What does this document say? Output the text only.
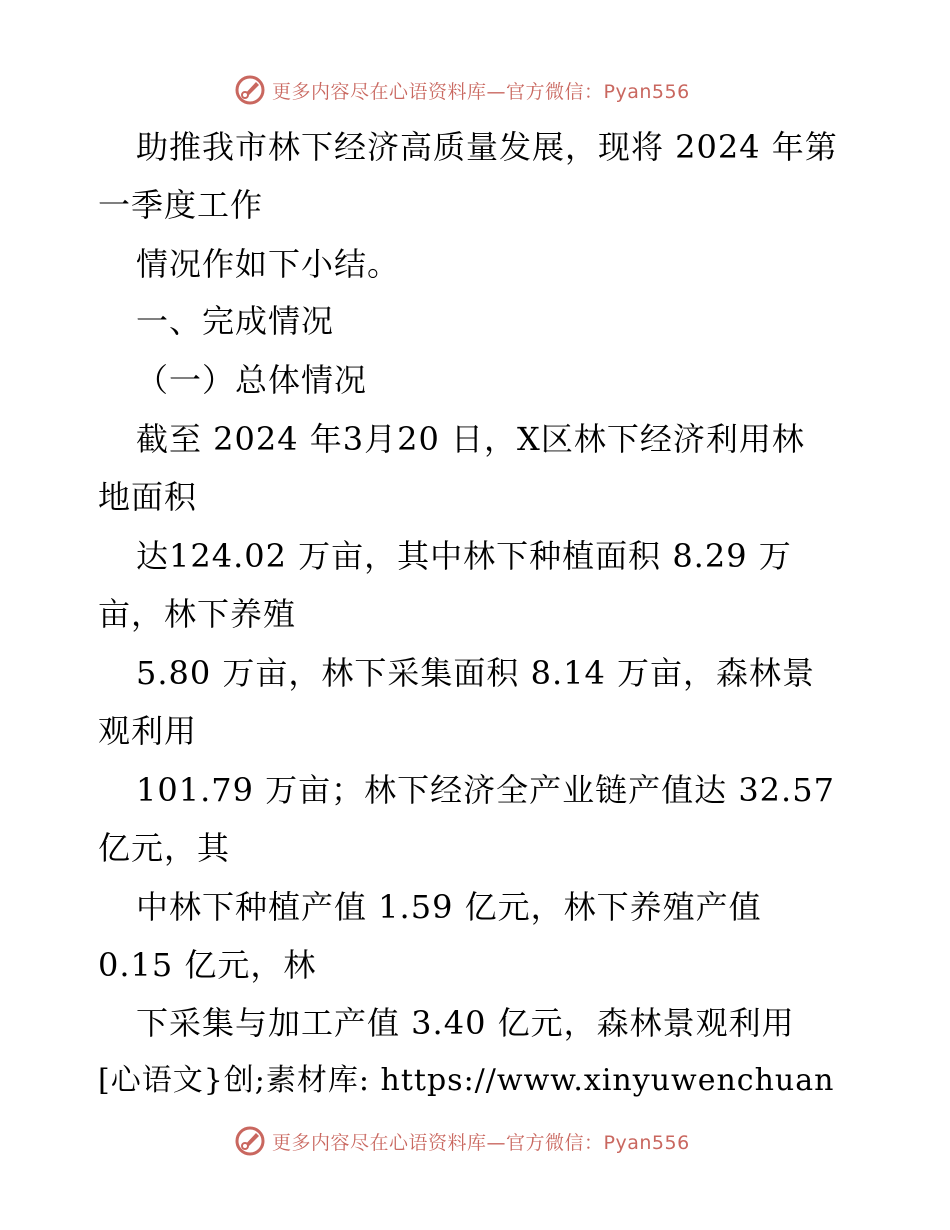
更多内容尽在心语资料库—官方微信：Pyan556
助推我市林下经济高质量发展，现将 2024 年第
一季度工作
情况作如下小结。
一、完成情况
（一）总体情况
截至 2024 年3月20 日，X区林下经济利用林
地面积
达124.02 万亩，其中林下种植面积 8.29 万
亩，林下养殖
5.80 万亩，林下采集面积 8.14 万亩，森林景
观利用
101.79 万亩；林下经济全产业链产值达 32.57
亿元，其
中林下种植产值 1.59 亿元，林下养殖产值
0.15 亿元，林
下采集与加工产值 3.40 亿元，森林景观利用
[心语文}创;素材库: https://www.xinyuwenchuan
更多内容尽在心语资料库—官方微信：Pyan556
